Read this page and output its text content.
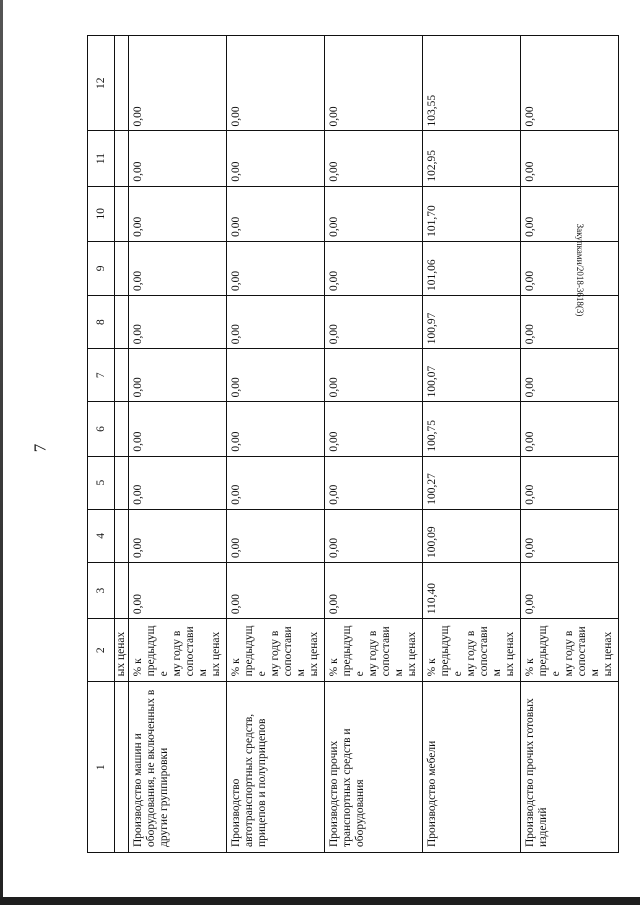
7
Закупками/2018-3618(3)
1	2	3	4	5	6	7	8	9	10	11	12
	ых ценах										
Производство машин и оборудования, не включенных в другие группировки	% к предыдуще му году в сопоставим ых ценах	0,00	0,00	0,00	0,00	0,00	0,00	0,00	0,00	0,00	0,00
Производство автотранспортных средств, прицепов и полуприцепов	% к предыдуще му году в сопоставим ых ценах	0,00	0,00	0,00	0,00	0,00	0,00	0,00	0,00	0,00	0,00
Производство прочих транспортных средств и оборудования	% к предыдуще му году в сопоставим ых ценах	0,00	0,00	0,00	0,00	0,00	0,00	0,00	0,00	0,00	0,00
Производство мебели	% к предыдуще му году в сопоставим ых ценах	110,40	100,09	100,27	100,75	100,07	100,97	101,06	101,70	102,95	103,55
Производство прочих готовых изделий	% к предыдуще му году в сопоставим ых ценах	0,00	0,00	0,00	0,00	0,00	0,00	0,00	0,00	0,00	0,00
